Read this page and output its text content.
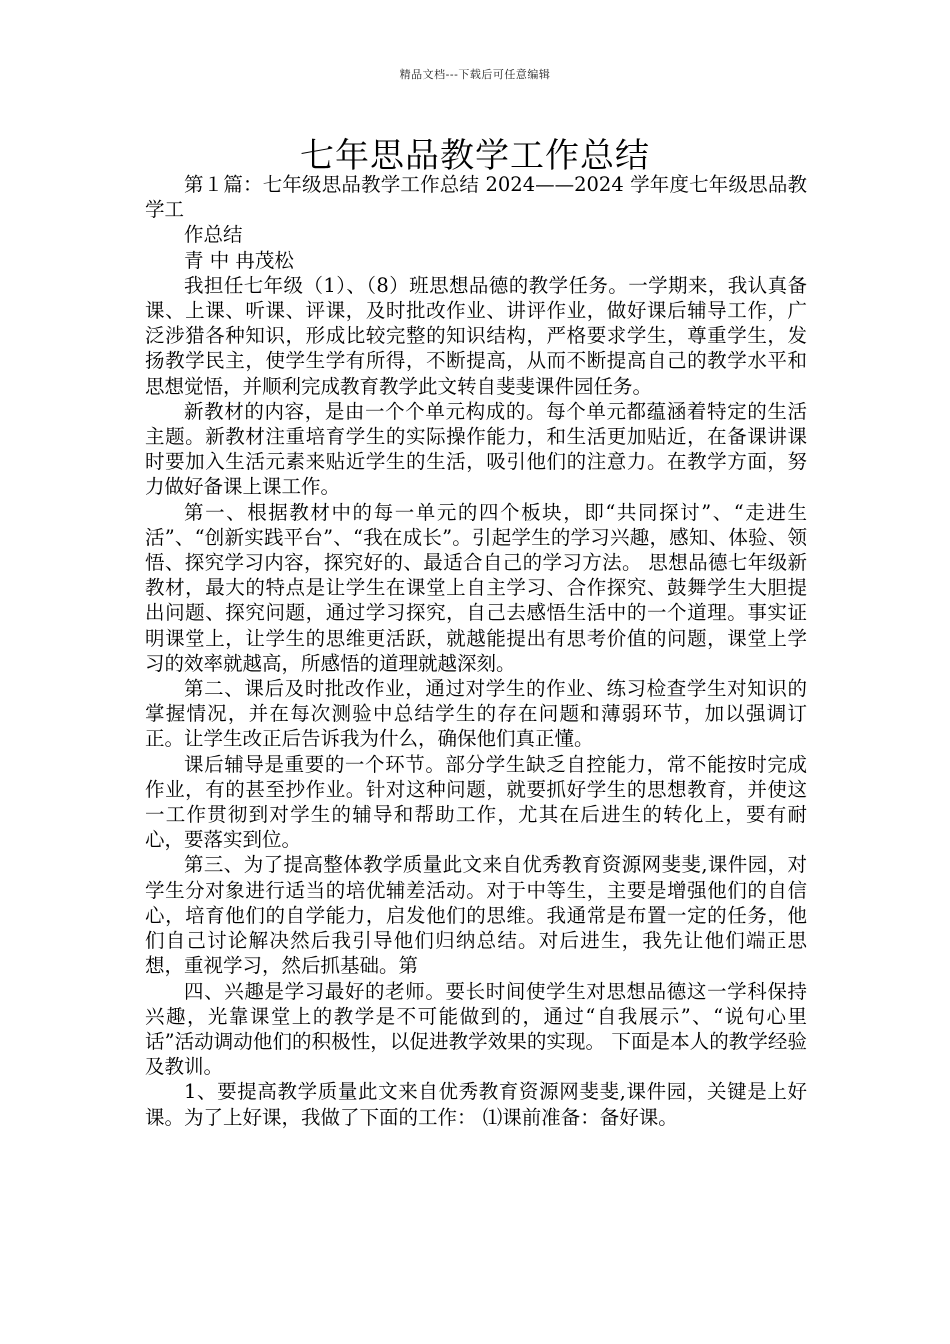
精品文档---下载后可任意编辑
七年思品教学工作总结

第１篇：七年级思品教学工作总结 2024——2024 学年度七年级思品教学工

作总结

青 中 冉茂松

我担任七年级（1）、（8）班思想品德的教学任务。一学期来，我认真备课、上课、听课、评课，及时批改作业、讲评作业，做好课后辅导工作，广泛涉猎各种知识，形成比较完整的知识结构，严格要求学生，尊重学生，发扬教学民主，使学生学有所得，不断提高，从而不断提高自己的教学水平和思想觉悟，并顺利完成教育教学此文转自斐斐课件园任务。

新教材的内容，是由一个个单元构成的。每个单元都蕴涵着特定的生活主题。新教材注重培育学生的实际操作能力，和生活更加贴近，在备课讲课时要加入生活元素来贴近学生的生活，吸引他们的注意力。在教学方面，努力做好备课上课工作。

第一、根据教材中的每一单元的四个板块，即“共同探讨”、“走进生活”、“创新实践平台”、“我在成长”。引起学生的学习兴趣，感知、体验、领悟、探究学习内容，探究好的、最适合自己的学习方法。 思想品德七年级新教材，最大的特点是让学生在课堂上自主学习、合作探究、鼓舞学生大胆提出问题、探究问题，通过学习探究，自己去感悟生活中的一个道理。事实证明课堂上，让学生的思维更活跃，就越能提出有思考价值的问题，课堂上学习的效率就越高，所感悟的道理就越深刻。

第二、课后及时批改作业，通过对学生的作业、练习检查学生对知识的掌握情况，并在每次测验中总结学生的存在问题和薄弱环节，加以强调订正。让学生改正后告诉我为什么，确保他们真正懂。

课后辅导是重要的一个环节。部分学生缺乏自控能力，常不能按时完成作业，有的甚至抄作业。针对这种问题，就要抓好学生的思想教育，并使这一工作贯彻到对学生的辅导和帮助工作，尤其在后进生的转化上，要有耐心，要落实到位。

第三、为了提高整体教学质量此文来自优秀教育资源网斐斐,课件园，对学生分对象进行适当的培优辅差活动。对于中等生，主要是增强他们的自信心，培育他们的自学能力，启发他们的思维。我通常是布置一定的任务，他们自己讨论解决然后我引导他们归纳总结。对后进生，我先让他们端正思想，重视学习，然后抓基础。第

四、兴趣是学习最好的老师。要长时间使学生对思想品德这一学科保持兴趣，光靠课堂上的教学是不可能做到的，通过“自我展示”、“说句心里话”活动调动他们的积极性，以促进教学效果的实现。 下面是本人的教学经验及教训。

1、要提高教学质量此文来自优秀教育资源网斐斐,课件园，关键是上好课。为了上好课，我做了下面的工作： ⑴课前准备：备好课。
